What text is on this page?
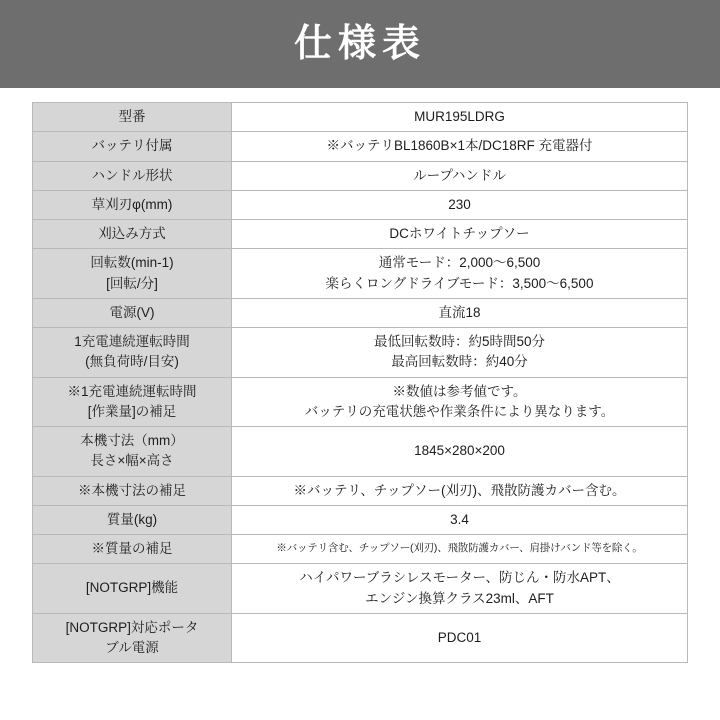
仕様表
型番	MUR195LDRG

バッテリ付属	※バッテリBL1860B×1本/DC18RF 充電器付

ハンドル形状	ループハンドル

草刈刃φ(mm)	230

刈込み方式	DCホワイトチップソー

回転数(min-1)
[回転/分]	通常モード：2,000〜6,500
楽らくロングドライブモード：3,500〜6,500

電源(V)	直流18

1充電連続運転時間
(無負荷時/目安)	最低回転数時：約5時間50分
最高回転数時：約40分

※1充電連続運転時間
[作業量]の補足	※数値は参考値です。
バッテリの充電状態や作業条件により異なります。

本機寸法（mm）
長さ×幅×高さ	1845×280×200

※本機寸法の補足	※バッテリ、チップソー(刈刃)、飛散防護カバー含む。

質量(kg)	3.4

※質量の補足	※バッテリ含む、チップソー(刈刃)、飛散防護カバー、肩掛けバンド等を除く。

[NOTGRP]機能	ハイパワーブラシレスモーター、防じん・防水APT、
エンジン換算クラス23ml、AFT

[NOTGRP]対応ポータ
ブル電源	PDC01
